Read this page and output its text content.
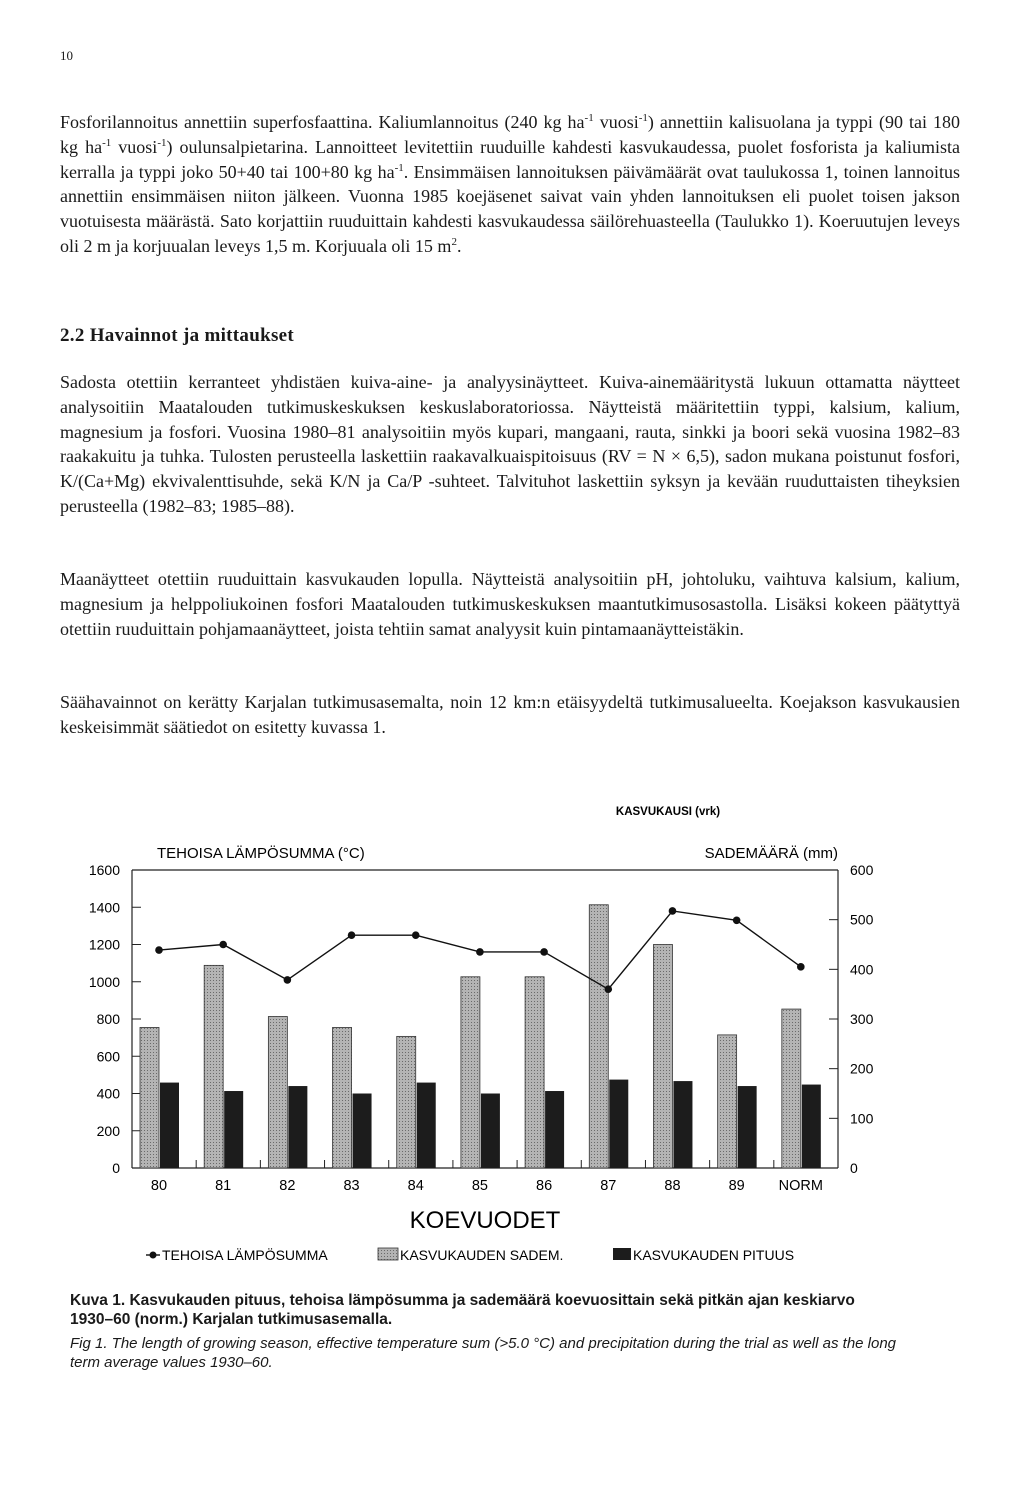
10

Fosforilannoitus annettiin superfosfaattina. Kaliumlannoitus (240 kg $ha^{-1}$ vuosi$^{-1}$) annettiin kalisuolana ja typpi (90 tai 180 kg $ha^{-1}$ vuosi$^{-1}$) oulunsalpietarina. Lannoitteet levitettiin ruuduille kahdesti kasvukaudessa, puolet fosforista ja kaliumista kerralla ja typpi joko 50+40 tai 100+80 kg $ha^{-1}$. Ensimmäisen lannoituksen päivämäärät ovat taulukossa 1, toinen lannoitus annettiin ensimmäisen niiton jälkeen. Vuonna 1985 koejäsenet saivat vain yhden lannoituksen eli puolet toisen jakson vuotuisesta määrästä. Sato korjattiin ruuduittain kahdesti kasvukaudessa säilörehuasteella (Taulukko 1). Koeruutujen leveys oli 2 m ja korjuualan leveys 1,5 m. Korjuuala oli 15 $m^2$.

2.2 Havainnot ja mittaukset

Sadosta otettiin kerranteet yhdistäen kuiva-aine- ja analyysinäytteet. Kuiva-ainemääritystä lukuun ottamatta näytteet analysoitiin Maatalouden tutkimuskeskuksen keskuslaboratoriossa. Näytteistä määritettiin typpi, kalsium, kalium, magnesium ja fosfori. Vuosina 1980–81 analysoitiin myös kupari, mangaani, rauta, sinkki ja boori sekä vuosina 1982–83 raakakuitu ja tuhka. Tulosten perusteella laskettiin raakavalkuaispitoisuus (RV = N × 6,5), sadon mukana poistunut fosfori, K/(Ca+Mg) ekvivalenttisuhde, sekä K/N ja Ca/P -suhteet. Talvituhot laskettiin syksyn ja kevään ruuduttaisten tiheyksien perusteella (1982–83; 1985–88).

Maanäytteet otettiin ruuduittain kasvukauden lopulla. Näytteistä analysoitiin pH, johtoluku, vaihtuva kalsium, kalium, magnesium ja helppoliukoinen fosfori Maatalouden tutkimuskeskuksen maantutkimusosastolla. Lisäksi kokeen päätyttyä otettiin ruuduittain pohjamaanäytteet, joista tehtiin samat analyysit kuin pintamaanäytteistäkin.

Säähavainnot on kerätty Karjalan tutkimusasemalta, noin 12 km:n etäisyydeltä tutkimusalueelta. Koejakson kasvukausien keskeisimmät säätiedot on esitetty kuvassa 1.

KASVUKAUSI (vrk)
TEHOISA LÄMPÖSUMMA (°C)	SADEMÄÄRÄ (mm)
0
200
400
600
800
1000
1200
1400
1600
0
100
200
300
400
500
600
80	81	82	83	84	85	86	87	88	89 NORM
KOEVUODET
TEHOISA LÄMPÖSUMMA	KASVUKAUDEN SADEM.	KASVUKAUDEN PITUUS

Kuva 1. Kasvukauden pituus, tehoisa lämpösumma ja sademäärä koevuosittain sekä pitkän ajan keskiarvo 1930–60 (norm.) Karjalan tutkimusasemalla.

Fig 1. The length of growing season, effective temperature sum (>5.0 °C) and precipitation during the trial as well as the long term average values 1930–60.
